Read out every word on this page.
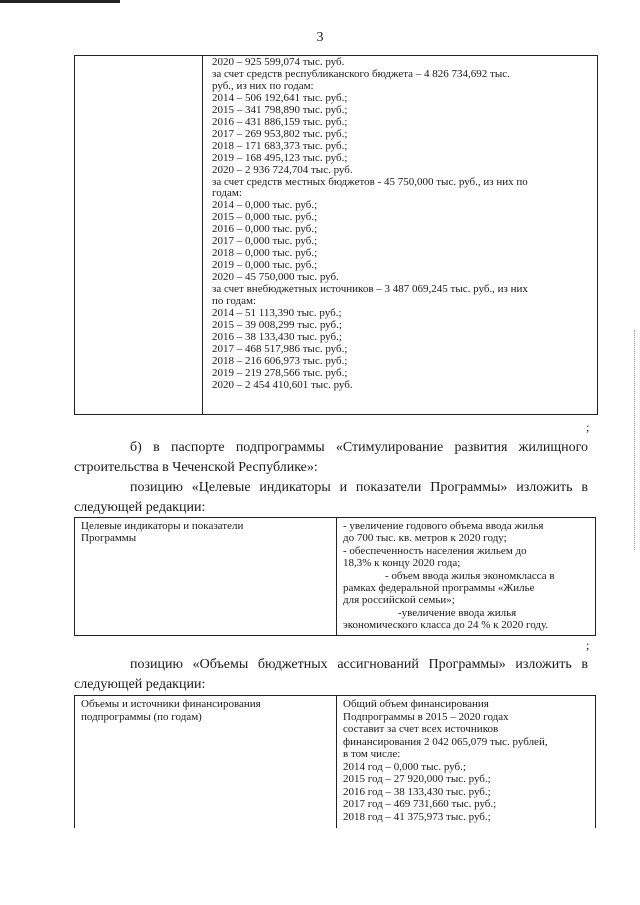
3
2020 – 925 599,074 тыс. руб.
за счет средств республиканского бюджета – 4 826 734,692 тыс.
руб., из них по годам:
2014 – 506 192,641 тыс. руб.;
2015 – 341 798,890 тыс. руб.;
2016 – 431 886,159 тыс. руб.;
2017 – 269 953,802 тыс. руб.;
2018 – 171 683,373 тыс. руб.;
2019 – 168 495,123 тыс. руб.;
2020 – 2 936 724,704 тыс. руб.
за счет средств местных бюджетов - 45 750,000 тыс. руб., из них по
годам:
2014 – 0,000 тыс. руб.;
2015 – 0,000 тыс. руб.;
2016 – 0,000 тыс. руб.;
2017 – 0,000 тыс. руб.;
2018 – 0,000 тыс. руб.;
2019 – 0,000 тыс. руб.;
2020 – 45 750,000 тыс. руб.
за счет внебюджетных источников – 3 487 069,245 тыс. руб., из них
по годам:
2014 – 51 113,390 тыс. руб.;
2015 – 39 008,299 тыс. руб.;
2016 – 38 133,430 тыс. руб.;
2017 – 468 517,986 тыс. руб.;
2018 – 216 606,973 тыс. руб.;
2019 – 219 278,566 тыс. руб.;
2020 – 2 454 410,601 тыс. руб.
;
б) в паспорте подпрограммы «Стимулирование развития жилищного
строительства в Чеченской Республике»:
позицию «Целевые индикаторы и показатели Программы» изложить в
следующей редакции:
Целевые индикаторы и показатели
Программы
- увеличение годового объема ввода жилья
до 700 тыс. кв. метров к 2020 году;
- обеспеченность населения жильем до
18,3% к концу 2020 года;
- объем ввода жилья экономкласса в
рамках федеральной программы «Жилье
для российской семьи»;
-увеличение ввода жилья
экономического класса до 24 % к 2020 году.
;
позицию «Объемы бюджетных ассигнований Программы» изложить в
следующей редакции:
Объемы и источники финансирования
подпрограммы (по годам)
Общий объем финансирования
Подпрограммы в 2015 – 2020 годах
составит за счет всех источников
финансирования 2 042 065,079 тыс. рублей,
в том числе:
2014 год – 0,000 тыс. руб.;
2015 год – 27 920,000 тыс. руб.;
2016 год – 38 133,430 тыс. руб.;
2017 год – 469 731,660 тыс. руб.;
2018 год – 41 375,973 тыс. руб.;
